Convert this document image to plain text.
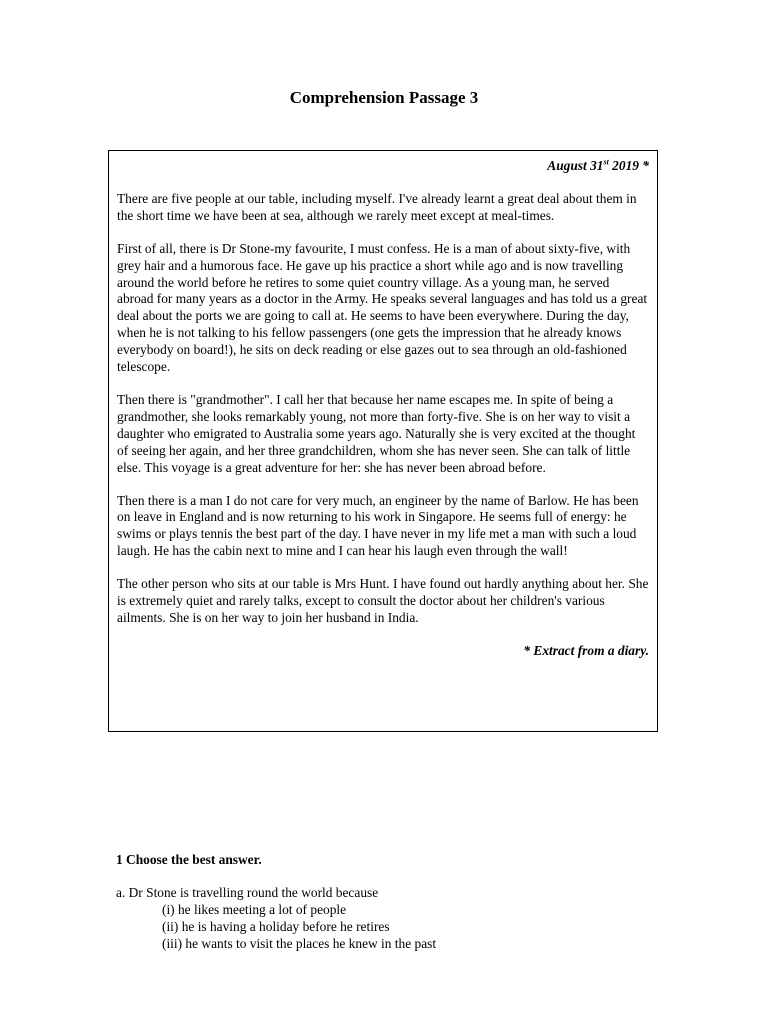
Comprehension Passage 3

August 31st 2019 *

There are five people at our table, including myself. I've already learnt a great deal about them in the short time we have been at sea, although we rarely meet except at meal-times.

First of all, there is Dr Stone-my favourite, I must confess. He is a man of about sixty-five, with grey hair and a humorous face. He gave up his practice a short while ago and is now travelling around the world before he retires to some quiet country village. As a young man, he served abroad for many years as a doctor in the Army. He speaks several languages and has told us a great deal about the ports we are going to call at. He seems to have been everywhere. During the day, when he is not talking to his fellow passengers (one gets the impression that he already knows everybody on board!), he sits on deck reading or else gazes out to sea through an old-fashioned telescope.

Then there is "grandmother". I call her that because her name escapes me. In spite of being a grandmother, she looks remarkably young, not more than forty-five. She is on her way to visit a daughter who emigrated to Australia some years ago. Naturally she is very excited at the thought of seeing her again, and her three grandchildren, whom she has never seen. She can talk of little else. This voyage is a great adventure for her: she has never been abroad before.

Then there is a man I do not care for very much, an engineer by the name of Barlow. He has been on leave in England and is now returning to his work in Singapore. He seems full of energy: he swims or plays tennis the best part of the day. I have never in my life met a man with such a loud laugh. He has the cabin next to mine and I can hear his laugh even through the wall!

The other person who sits at our table is Mrs Hunt. I have found out hardly anything about her. She is extremely quiet and rarely talks, except to consult the doctor about her children's various ailments. She is on her way to join her husband in India.

* Extract from a diary.

1 Choose the best answer.

a. Dr Stone is travelling round the world because

(i) he likes meeting a lot of people
(ii) he is having a holiday before he retires
(iii) he wants to visit the places he knew in the past
